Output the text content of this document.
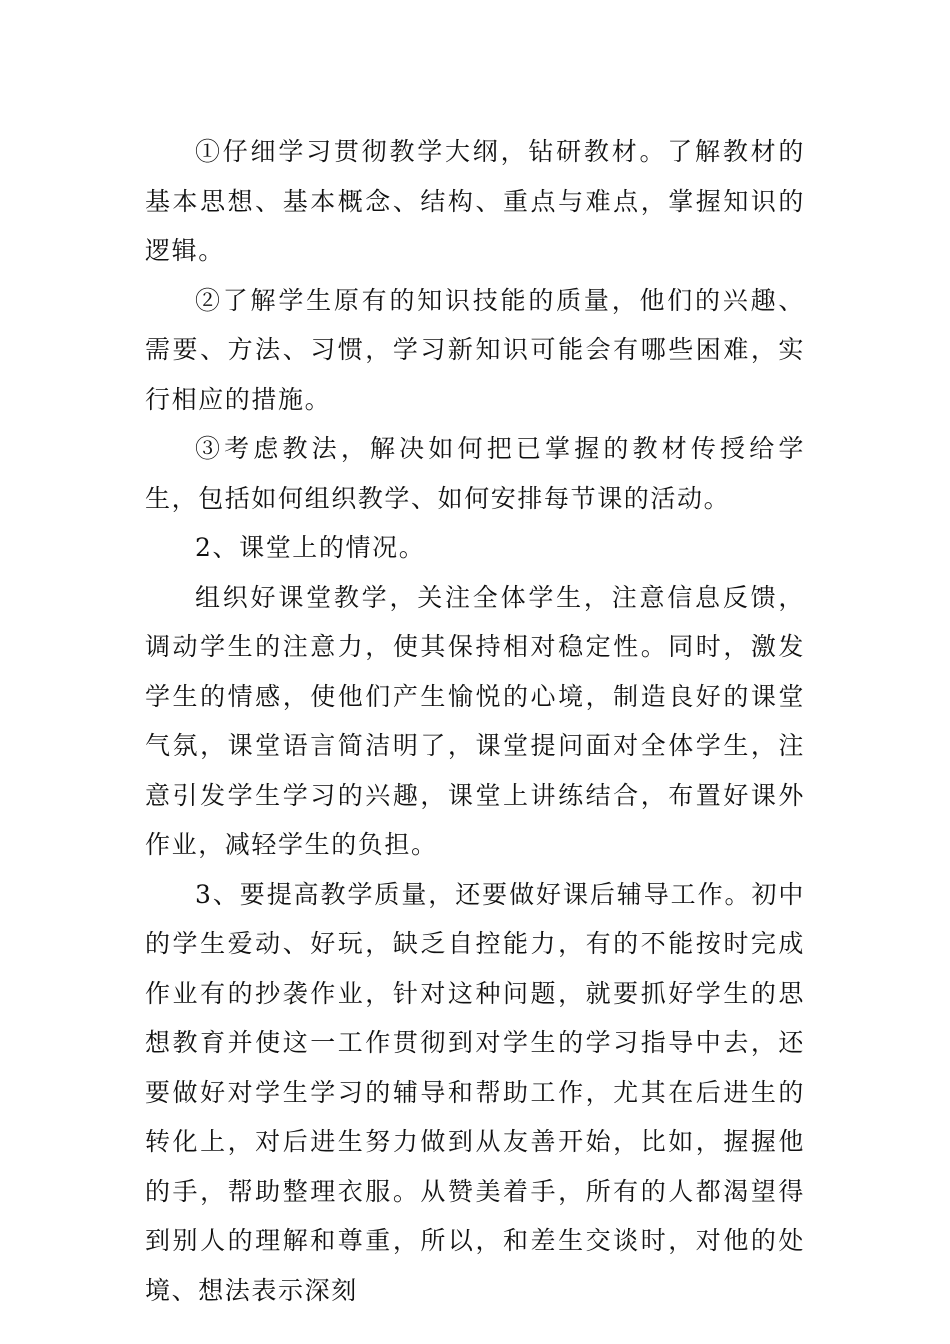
①仔细学习贯彻教学大纲，钻研教材。了解教材的基本思想、基本概念、结构、重点与难点，掌握知识的逻辑。

②了解学生原有的知识技能的质量，他们的兴趣、需要、方法、习惯，学习新知识可能会有哪些困难，实行相应的措施。

③考虑教法，解决如何把已掌握的教材传授给学生，包括如何组织教学、如何安排每节课的活动。

2、课堂上的情况。

组织好课堂教学，关注全体学生，注意信息反馈，调动学生的注意力，使其保持相对稳定性。同时，激发学生的情感，使他们产生愉悦的心境，制造良好的课堂气氛，课堂语言简洁明了，课堂提问面对全体学生，注意引发学生学习的兴趣，课堂上讲练结合，布置好课外作业，减轻学生的负担。

3、要提高教学质量，还要做好课后辅导工作。初中的学生爱动、好玩，缺乏自控能力，有的不能按时完成作业有的抄袭作业，针对这种问题，就要抓好学生的思想教育并使这一工作贯彻到对学生的学习指导中去，还要做好对学生学习的辅导和帮助工作，尤其在后进生的转化上，对后进生努力做到从友善开始，比如，握握他的手，帮助整理衣服。从赞美着手，所有的人都渴望得到别人的理解和尊重，所以，和差生交谈时，对他的处境、想法表示深刻
